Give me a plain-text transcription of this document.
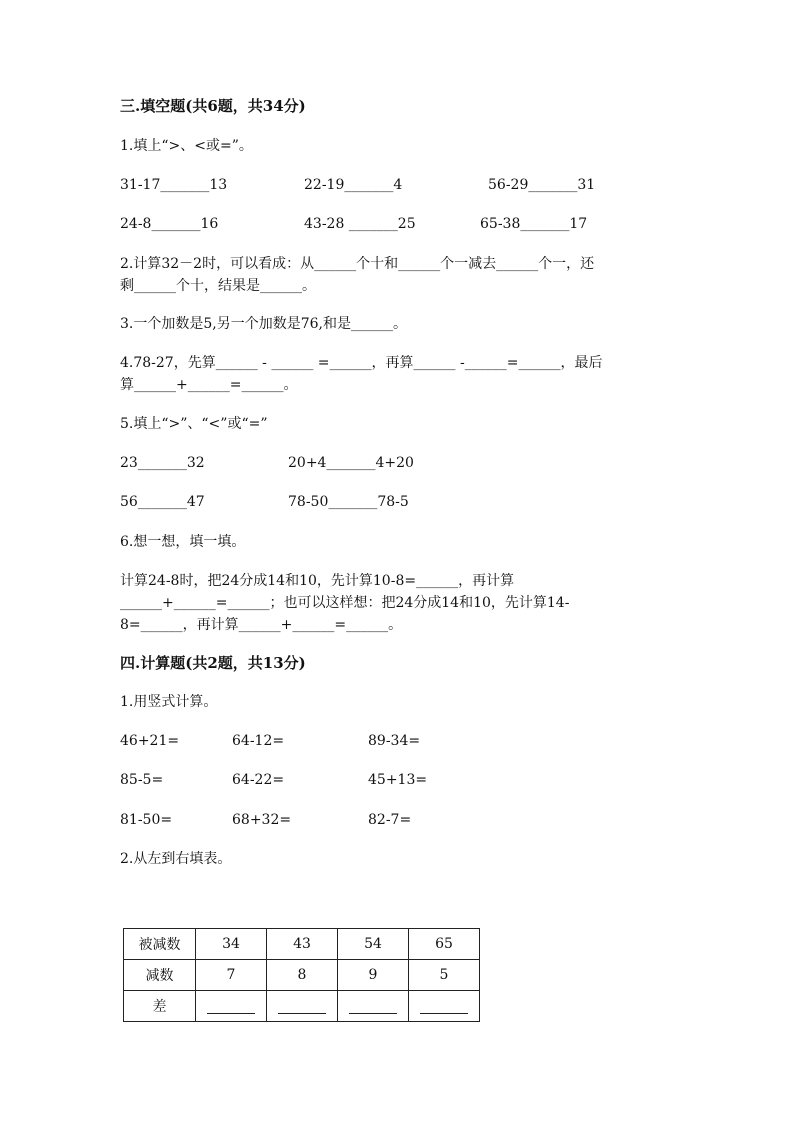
三.填空题(共6题，共34分)
1.填上“>、<或=”。
31-17_______13	22-19_______4	56-29_______31
24-8_______16	43-28 _______25	65-38_______17
2.计算32－2时，可以看成：从______个十和______个一减去______个一，还
剩______个十，结果是______。
3.一个加数是5,另一个加数是76,和是______。
4.78-27，先算______ - ______ =______，再算______ -______=______，最后
算______+______=______。
5.填上“>”、“<”或“=”
23_______32	20+4_______4+20
56_______47	78-50_______78-5
6.想一想，填一填。
计算24-8时，把24分成14和10，先计算10-8=______，再计算
______+______=______；也可以这样想：把24分成14和10，先计算14-
8=______，再计算______+______=______。
四.计算题(共2题，共13分)
1.用竖式计算。
46+21=	64-12=	89-34=
85-5=	64-22=	45+13=
81-50=	68+32=	82-7=
2.从左到右填表。
被减数	34	43	54	65
减数	7	8	9	5
差				
